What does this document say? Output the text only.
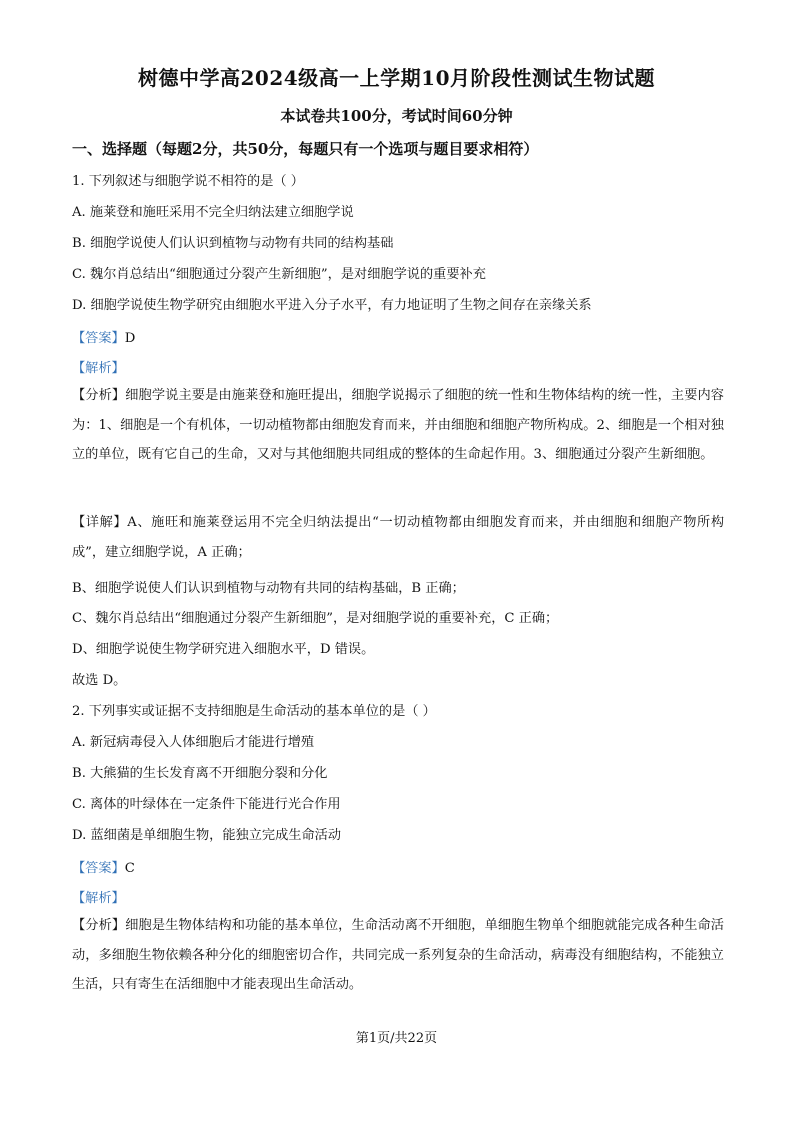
树德中学高2024级高一上学期10月阶段性测试生物试题
本试卷共100分，考试时间60分钟
一、选择题（每题2分，共50分，每题只有一个选项与题目要求相符）
1. 下列叙述与细胞学说不相符的是（ ）
A. 施莱登和施旺采用不完全归纳法建立细胞学说
B. 细胞学说使人们认识到植物与动物有共同的结构基础
C. 魏尔肖总结出“细胞通过分裂产生新细胞”，是对细胞学说的重要补充
D. 细胞学说使生物学研究由细胞水平进入分子水平，有力地证明了生物之间存在亲缘关系
【答案】D
【解析】
【分析】细胞学说主要是由施莱登和施旺提出，细胞学说揭示了细胞的统一性和生物体结构的统一性，主要内容为：1、细胞是一个有机体，一切动植物都由细胞发育而来，并由细胞和细胞产物所构成。2、细胞是一个相对独立的单位，既有它自己的生命，又对与其他细胞共同组成的整体的生命起作用。3、细胞通过分裂产生新细胞。
【详解】A、施旺和施莱登运用不完全归纳法提出“一切动植物都由细胞发育而来，并由细胞和细胞产物所构成”，建立细胞学说，A 正确；
B、细胞学说使人们认识到植物与动物有共同的结构基础，B 正确；
C、魏尔肖总结出“细胞通过分裂产生新细胞”，是对细胞学说的重要补充，C 正确；
D、细胞学说使生物学研究进入细胞水平，D 错误。
故选 D。
2. 下列事实或证据不支持细胞是生命活动的基本单位的是（ ）
A. 新冠病毒侵入人体细胞后才能进行增殖
B. 大熊猫的生长发育离不开细胞分裂和分化
C. 离体的叶绿体在一定条件下能进行光合作用
D. 蓝细菌是单细胞生物，能独立完成生命活动
【答案】C
【解析】
【分析】细胞是生物体结构和功能的基本单位，生命活动离不开细胞，单细胞生物单个细胞就能完成各种生命活动，多细胞生物依赖各种分化的细胞密切合作，共同完成一系列复杂的生命活动，病毒没有细胞结构，不能独立生活，只有寄生在活细胞中才能表现出生命活动。
第1页/共22页
